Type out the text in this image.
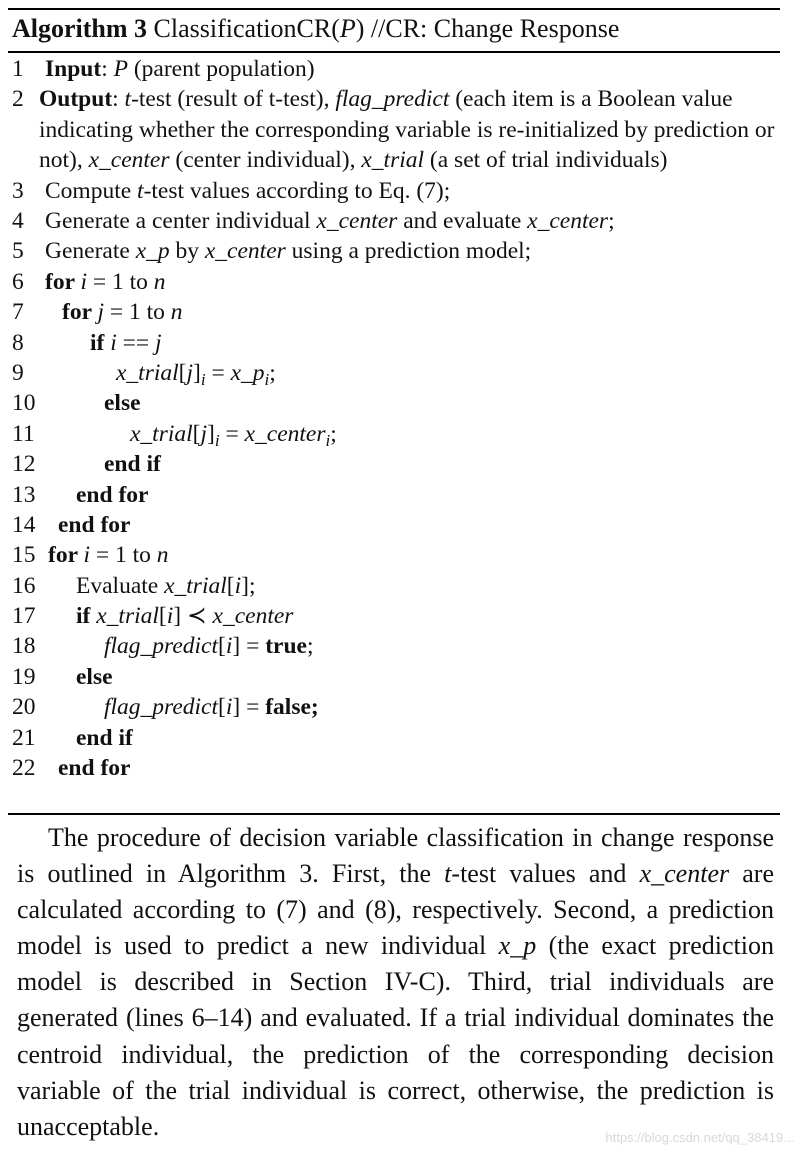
Algorithm 3 ClassificationCR(P) //CR: Change Response
1 Input: P (parent population)
2 Output: t-test (result of t-test), flag_predict (each item is a Boolean value indicating whether the corresponding variable is re-initialized by prediction or not), x_center (center individual), x_trial (a set of trial individuals)
3 Compute t-test values according to Eq. (7);
4 Generate a center individual x_center and evaluate x_center;
5 Generate x_p by x_center using a prediction model;
6 for i = 1 to n
7 for j = 1 to n
8	if i == j
9	$x\_trial[j]_i$ = $x\_p_i$;
10	else
11	$x\_trial[j]_i$ = x_center$_i$;
12	end if
13 end for
14 end for
15 for i = 1 to n
16 Evaluate x_trial[i];
17 if x_trial[i] ≺ x_center
18	flag_predict[i] = true;
19 else
20	flag_predict[i] = false;
21 end if
22 end for
The procedure of decision variable classification in change response is outlined in Algorithm 3. First, the t-test values and x_center are calculated according to (7) and (8), respectively. Second, a prediction model is used to predict a new individual x_p (the exact prediction model is described in Section IV-C). Third, trial individuals are generated (lines 6–14) and evaluated. If a trial individual dominates the centroid individual, the prediction of the corresponding decision variable of the trial individual is correct, otherwise, the prediction is unacceptable.	https://blog.csdn.net/qq_38419...
